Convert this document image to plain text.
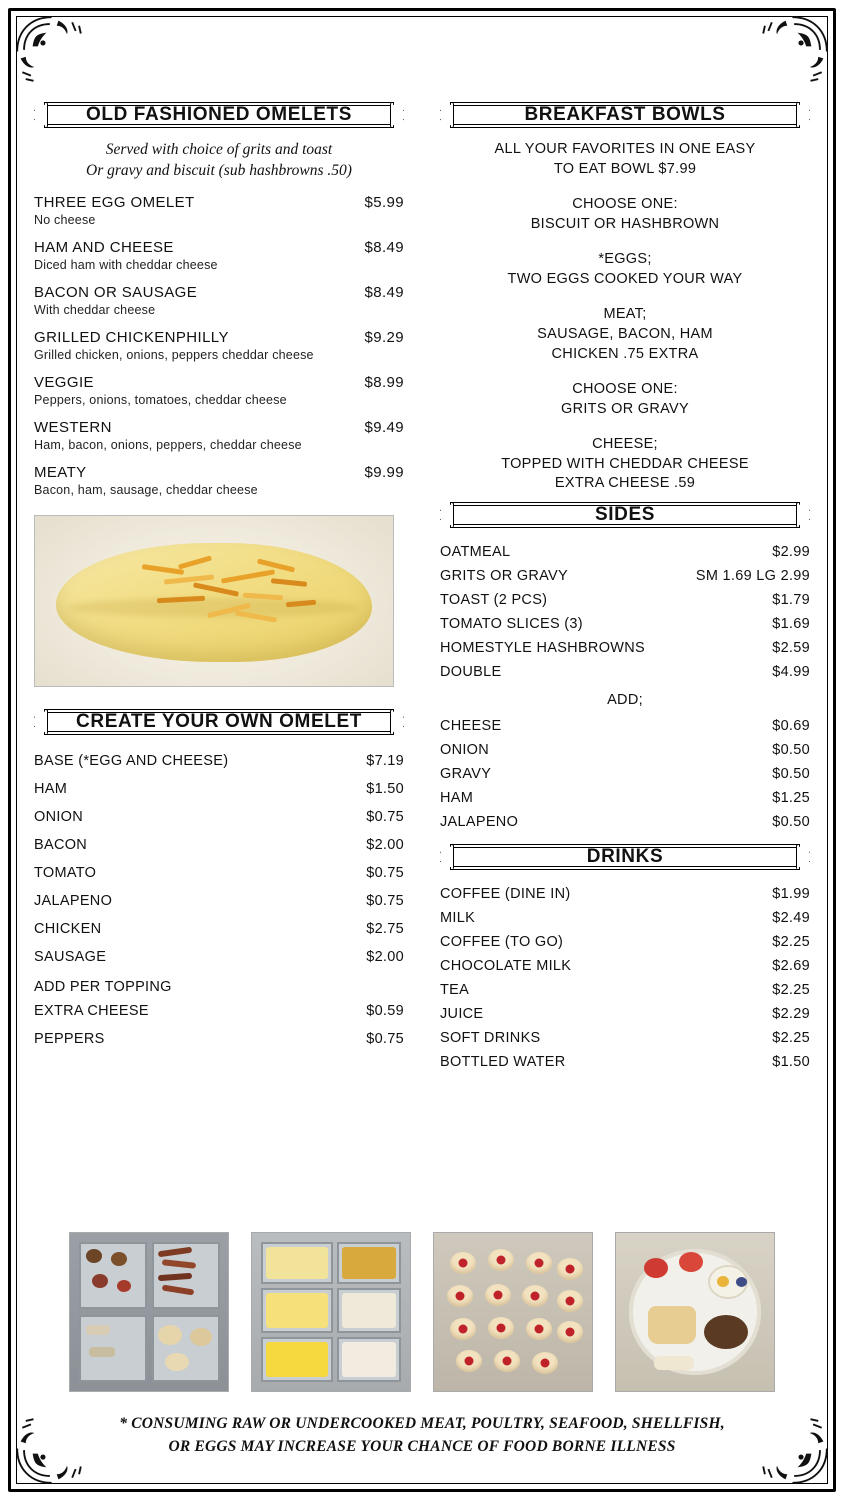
OLD FASHIONED OMELETS
Served with choice of grits and toast
Or gravy and biscuit (sub hashbrowns .50)
THREE EGG OMELET	$5.99
No cheese
HAM AND CHEESE	$8.49
Diced ham with cheddar cheese
BACON OR SAUSAGE	$8.49
With cheddar cheese
GRILLED CHICKENPHILLY	$9.29
Grilled chicken, onions, peppers cheddar cheese
VEGGIE	$8.99
Peppers, onions, tomatoes, cheddar cheese
WESTERN	$9.49
Ham, bacon, onions, peppers, cheddar cheese
MEATY	$9.99
Bacon, ham, sausage, cheddar cheese
CREATE YOUR OWN OMELET
BASE (*EGG AND CHEESE)	$7.19
HAM	$1.50
ONION	$0.75
BACON	$2.00
TOMATO	$0.75
JALAPENO	$0.75
CHICKEN	$2.75
SAUSAGE	$2.00
ADD PER TOPPING
EXTRA CHEESE	$0.59
PEPPERS	$0.75
BREAKFAST BOWLS
ALL YOUR FAVORITES IN ONE EASY
TO EAT BOWL $7.99
CHOOSE ONE:
BISCUIT OR HASHBROWN
*EGGS;
TWO EGGS COOKED YOUR WAY
MEAT;
SAUSAGE, BACON, HAM
CHICKEN .75 EXTRA
CHOOSE ONE:
GRITS OR GRAVY
CHEESE;
TOPPED WITH CHEDDAR CHEESE
EXTRA CHEESE .59
SIDES
OATMEAL	$2.99
GRITS OR GRAVY	SM 1.69 LG 2.99
TOAST (2 PCS)	$1.79
TOMATO SLICES (3)	$1.69
HOMESTYLE HASHBROWNS	$2.59
DOUBLE	$4.99
ADD;
CHEESE	$0.69
ONION	$0.50
GRAVY	$0.50
HAM	$1.25
JALAPENO	$0.50
DRINKS
COFFEE (DINE IN)	$1.99
MILK	$2.49
COFFEE (TO GO)	$2.25
CHOCOLATE MILK	$2.69
TEA	$2.25
JUICE	$2.29
SOFT DRINKS	$2.25
BOTTLED WATER	$1.50
* CONSUMING RAW OR UNDERCOOKED MEAT, POULTRY, SEAFOOD, SHELLFISH,
OR EGGS MAY INCREASE YOUR CHANCE OF FOOD BORNE ILLNESS
